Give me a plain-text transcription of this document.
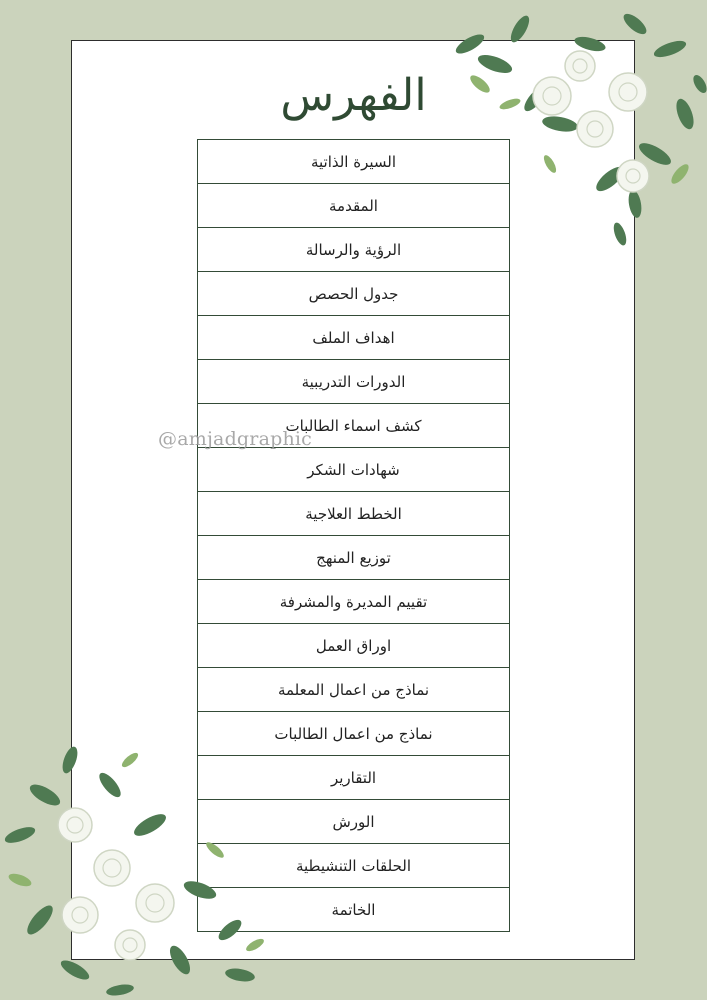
الفهرس
السيرة الذاتية
المقدمة
الرؤية والرسالة
جدول الحصص
اهداف الملف
الدورات التدريبية
كشف اسماء الطالبات
شهادات الشكر
الخطط العلاجية
توزيع المنهج
تقييم المديرة والمشرفة
اوراق العمل
نماذج من اعمال المعلمة
نماذج من اعمال الطالبات
التقارير
الورش
الحلقات التنشيطية
الخاتمة
@amjadgraphic
